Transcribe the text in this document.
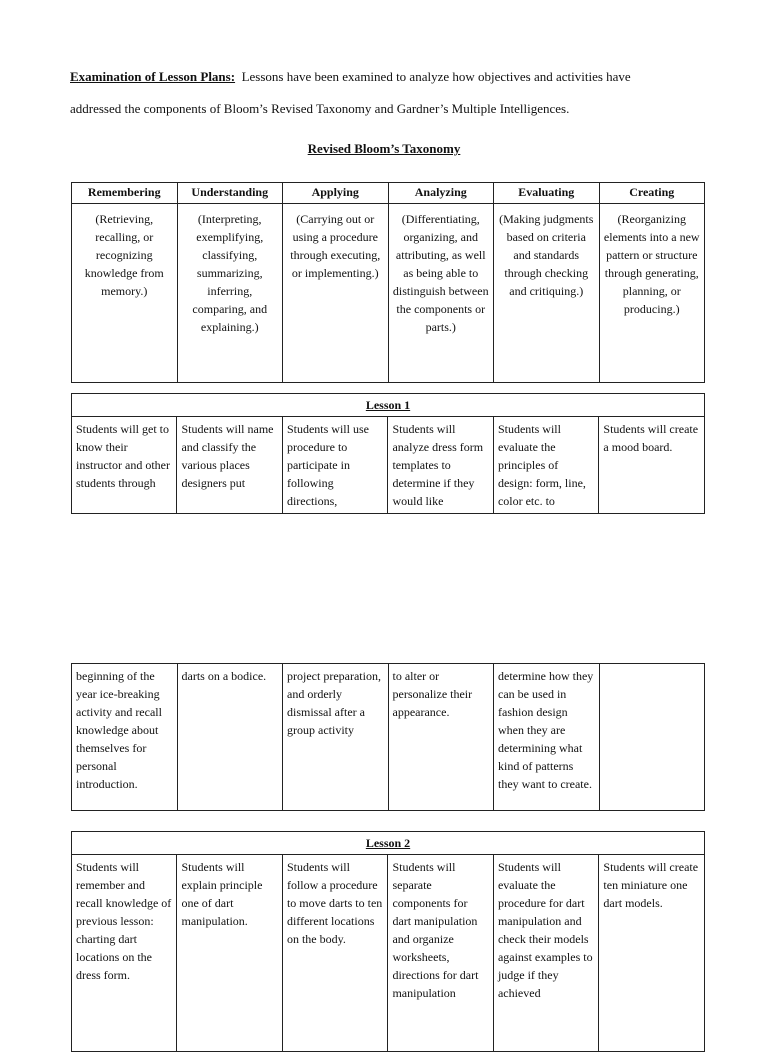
Examination of Lesson Plans: Lessons have been examined to analyze how objectives and activities have
addressed the components of Bloom’s Revised Taxonomy and Gardner’s Multiple Intelligences.
Revised Bloom’s Taxonomy
Remembering	Understanding	Applying	Analyzing	Evaluating	Creating
(Retrieving, recalling, or recognizing knowledge from memory.)	(Interpreting, exemplifying, classifying, summarizing, inferring, comparing, and explaining.)	(Carrying out or using a procedure through executing, or implementing.)	(Differentiating, organizing, and attributing, as well as being able to distinguish between the components or parts.)	(Making judgments based on criteria and standards through checking and critiquing.)	(Reorganizing elements into a new pattern or structure through generating, planning, or producing.)
Lesson 1
Students will get to know their instructor and other students through	Students will name and classify the various places designers put	Students will use procedure to participate in following directions,	Students will analyze dress form templates to determine if they would like	Students will evaluate the principles of design: form, line, color etc. to	Students will create a mood board.
beginning of the year ice-breaking activity and recall knowledge about themselves for personal introduction.	darts on a bodice.	project preparation, and orderly dismissal after a group activity	to alter or personalize their appearance.	determine how they can be used in fashion design when they are determining what kind of patterns they want to create.	
Lesson 2
Students will remember and recall knowledge of previous lesson: charting dart locations on the dress form.	Students will explain principle one of dart manipulation.	Students will follow a procedure to move darts to ten different locations on the body.	Students will separate components for dart manipulation and organize worksheets, directions for dart manipulation	Students will evaluate the procedure for dart manipulation and check their models against examples to judge if they achieved	Students will create ten miniature one dart models.
